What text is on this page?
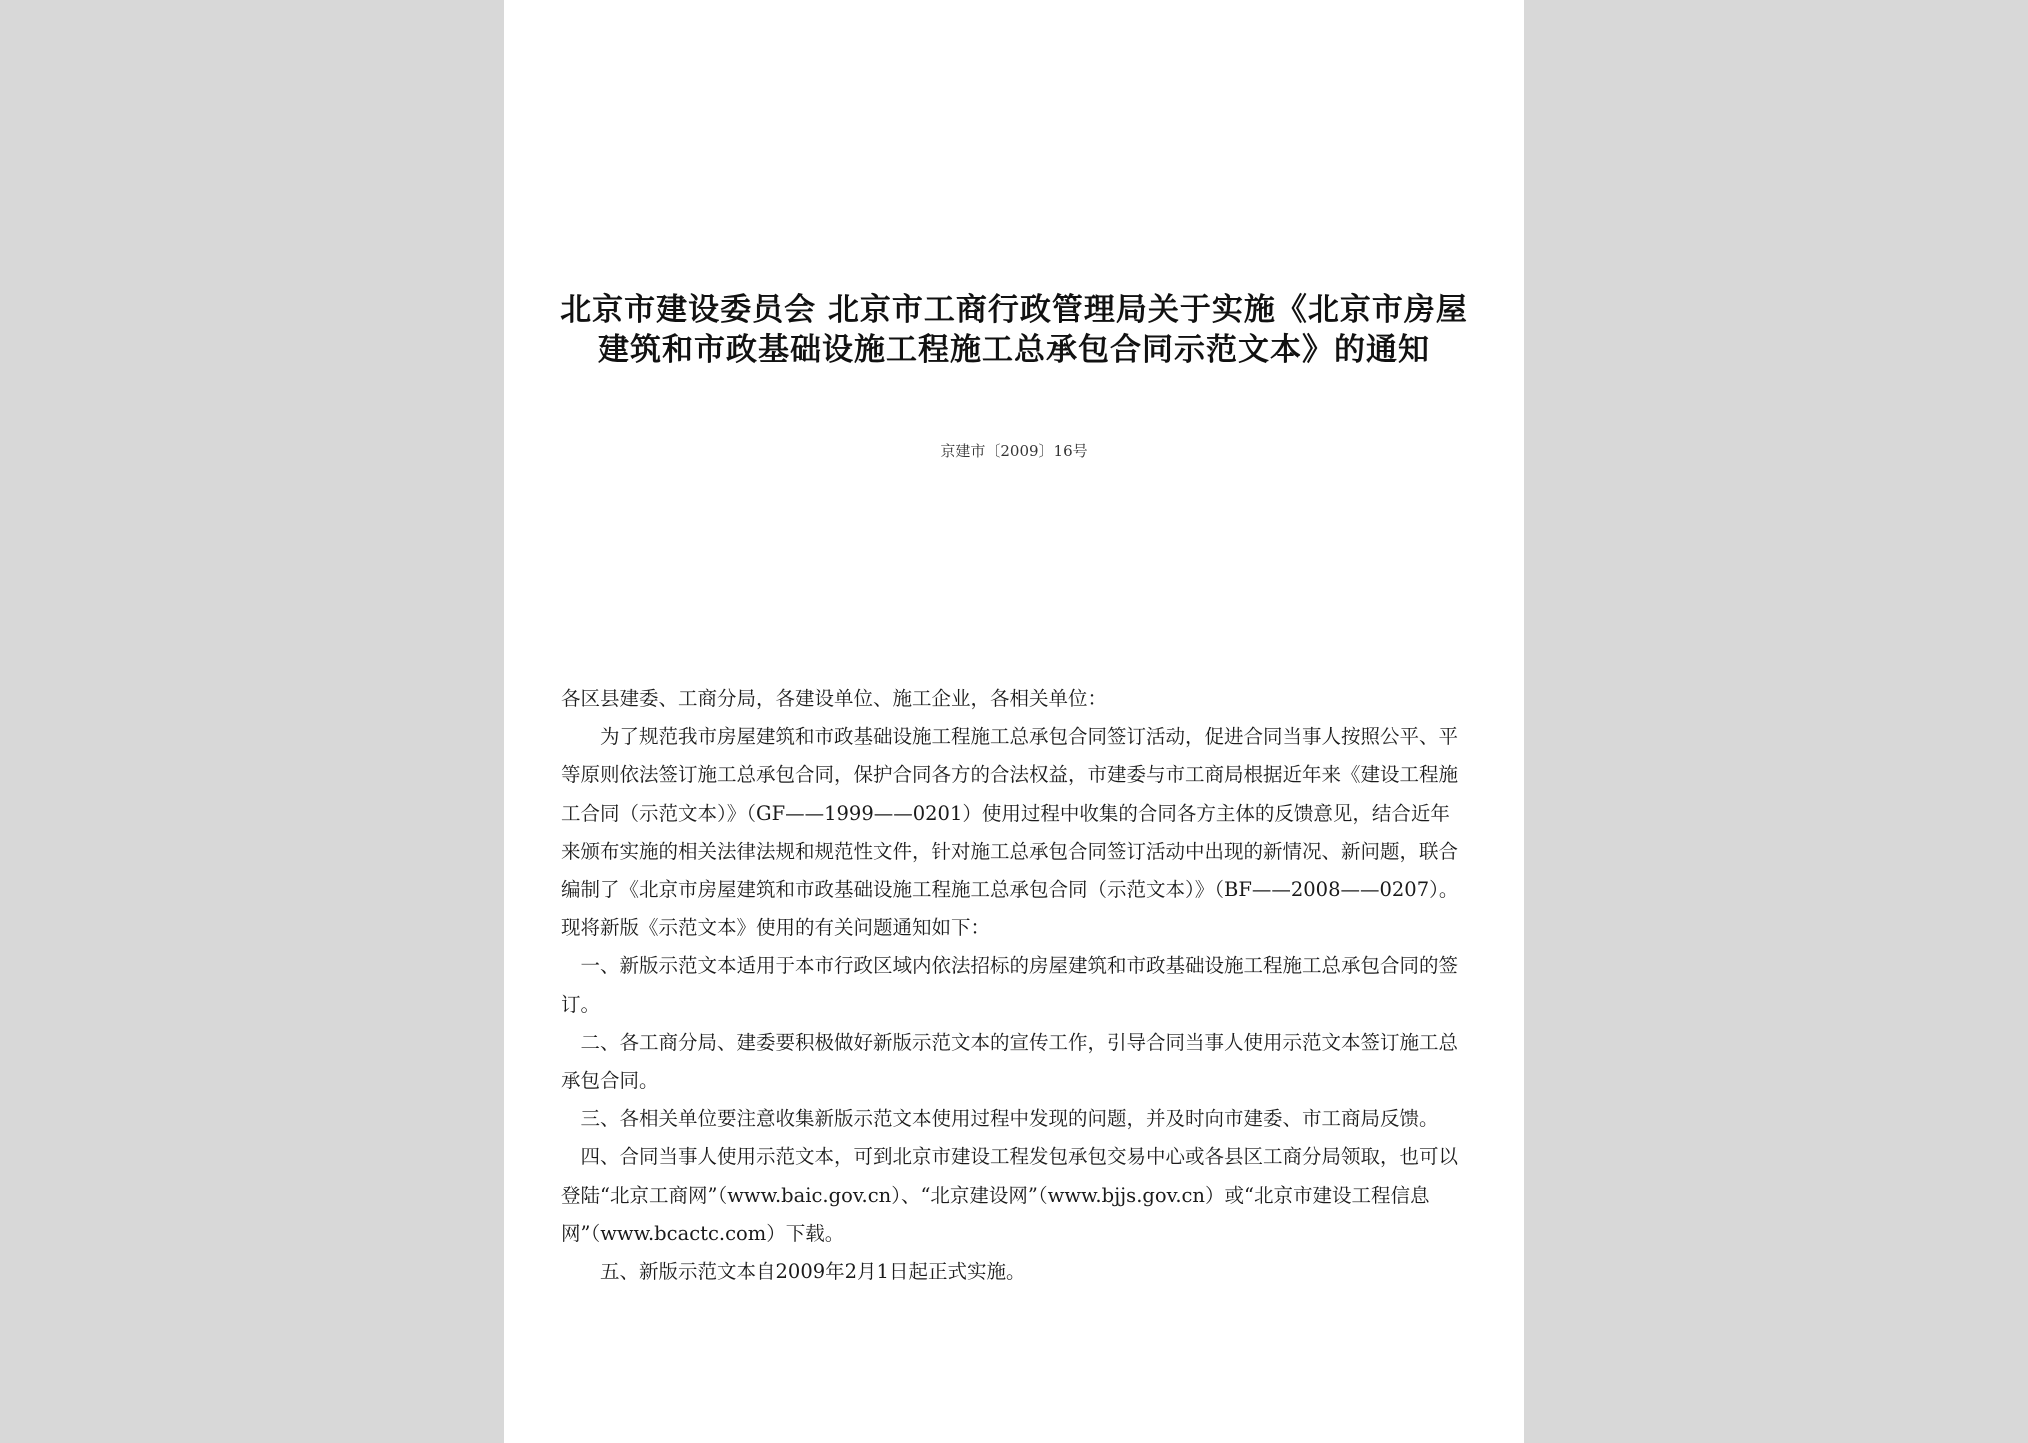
北京市建设委员会 北京市工商行政管理局关于实施《北京市房屋建筑和市政基础设施工程施工总承包合同示范文本》的通知
京建市〔2009〕16号

各区县建委、工商分局，各建设单位、施工企业，各相关单位：

为了规范我市房屋建筑和市政基础设施工程施工总承包合同签订活动，促进合同当事人按照公平、平等原则依法签订施工总承包合同，保护合同各方的合法权益，市建委与市工商局根据近年来《建设工程施工合同（示范文本）》（GF——1999——0201）使用过程中收集的合同各方主体的反馈意见，结合近年来颁布实施的相关法律法规和规范性文件，针对施工总承包合同签订活动中出现的新情况、新问题，联合编制了《北京市房屋建筑和市政基础设施工程施工总承包合同（示范文本）》（BF——2008——0207）。现将新版《示范文本》使用的有关问题通知如下：

一、新版示范文本适用于本市行政区域内依法招标的房屋建筑和市政基础设施工程施工总承包合同的签订。

二、各工商分局、建委要积极做好新版示范文本的宣传工作，引导合同当事人使用示范文本签订施工总承包合同。

三、各相关单位要注意收集新版示范文本使用过程中发现的问题，并及时向市建委、市工商局反馈。

四、合同当事人使用示范文本，可到北京市建设工程发包承包交易中心或各县区工商分局领取，也可以登陆“北京工商网”（www.baic.gov.cn）、“北京建设网”（www.bjjs.gov.cn）或“北京市建设工程信息网”（www.bcactc.com）下载。

五、新版示范文本自2009年2月1日起正式实施。
